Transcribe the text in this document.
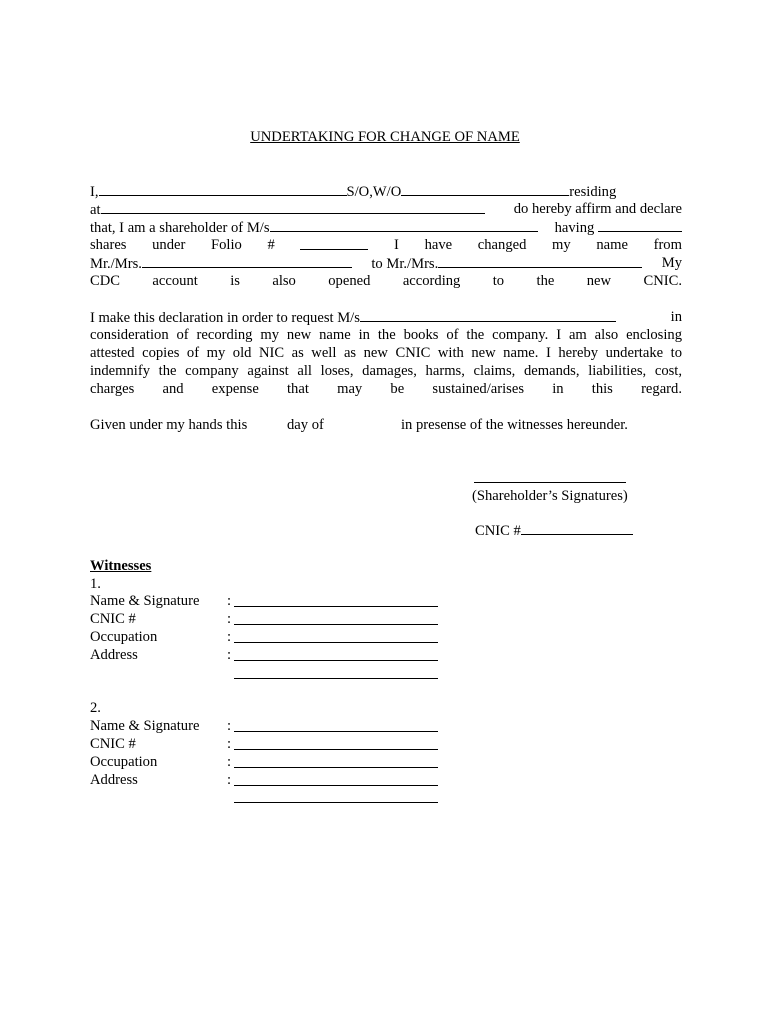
UNDERTAKING FOR CHANGE OF NAME
I,	S/O,W/O	residing
at	do hereby affirm and declare
that, I am a shareholder of M/s	having
shares under Folio #	I have changed my name from
Mr./Mrs.	to Mr./Mrs.	My
CDC account is also opened according to the new CNIC.
I make this declaration in order to request M/s	in
consideration of recording my new name in the books of the company. I am also enclosing
attested copies of my old NIC as well as new CNIC with new name. I hereby undertake to
indemnify the company against all loses, damages, harms, claims, demands, liabilities, cost,
charges and expense that may be sustained/arises in this regard.
Given under my hands this	day of	in presense of the witnesses hereunder.
(Shareholder’s Signatures)
CNIC #
Witnesses
1.
Name & Signature :
CNIC #	:
Occupation	:
Address	:
2.
Name & Signature :
CNIC #	:
Occupation	:
Address	:
